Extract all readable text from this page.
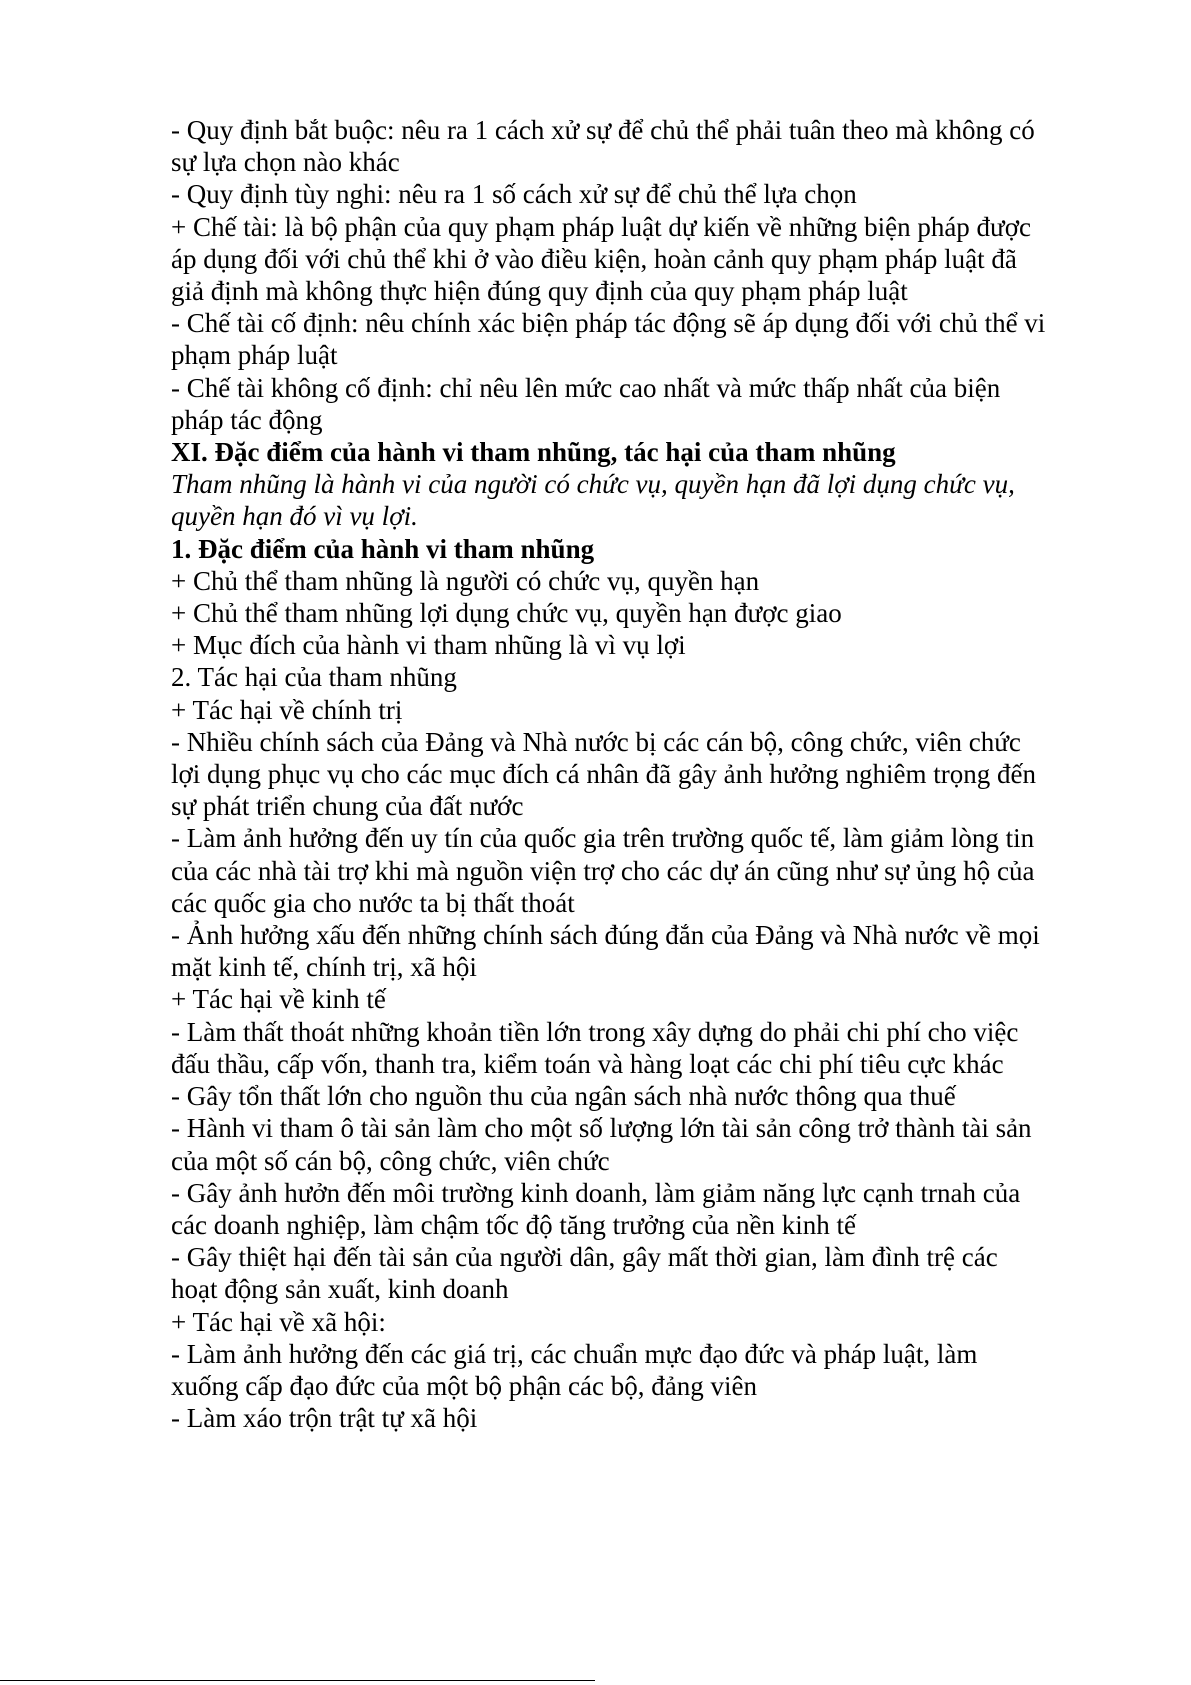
- Quy định bắt buộc: nêu ra 1 cách xử sự để chủ thể phải tuân theo mà không có

sự lựa chọn nào khác

- Quy định tùy nghi: nêu ra 1 số cách xử sự để chủ thể lựa chọn

+ Chế tài: là bộ phận của quy phạm pháp luật dự kiến về những biện pháp được

áp dụng đối với chủ thể khi ở vào điều kiện, hoàn cảnh quy phạm pháp luật đã

giả định mà không thực hiện đúng quy định của quy phạm pháp luật

- Chế tài cố định: nêu chính xác biện pháp tác động sẽ áp dụng đối với chủ thể vi

phạm pháp luật

- Chế tài không cố định: chỉ nêu lên mức cao nhất và mức thấp nhất của biện

pháp tác động

XI. Đặc điểm của hành vi tham nhũng, tác hại của tham nhũng

Tham nhũng là hành vi của người có chức vụ, quyền hạn đã lợi dụng chức vụ,

quyền hạn đó vì vụ lợi.

1. Đặc điểm của hành vi tham nhũng

+ Chủ thể tham nhũng là người có chức vụ, quyền hạn

+ Chủ thể tham nhũng lợi dụng chức vụ, quyền hạn được giao

+ Mục đích của hành vi tham nhũng là vì vụ lợi

2. Tác hại của tham nhũng

+ Tác hại về chính trị

- Nhiều chính sách của Đảng và Nhà nước bị các cán bộ, công chức, viên chức

lợi dụng phục vụ cho các mục đích cá nhân đã gây ảnh hưởng nghiêm trọng đến

sự phát triển chung của đất nước

- Làm ảnh hưởng đến uy tín của quốc gia trên trường quốc tế, làm giảm lòng tin

của các nhà tài trợ khi mà nguồn viện trợ cho các dự án cũng như sự ủng hộ của

các quốc gia cho nước ta bị thất thoát

- Ảnh hưởng xấu đến những chính sách đúng đắn của Đảng và Nhà nước về mọi

mặt kinh tế, chính trị, xã hội

+ Tác hại về kinh tế

- Làm thất thoát những khoản tiền lớn trong xây dựng do phải chi phí cho việc

đấu thầu, cấp vốn, thanh tra, kiểm toán và hàng loạt các chi phí tiêu cực khác

- Gây tổn thất lớn cho nguồn thu của ngân sách nhà nước thông qua thuế

- Hành vi tham ô tài sản làm cho một số lượng lớn tài sản công trở thành tài sản

của một số cán bộ, công chức, viên chức

- Gây ảnh hưởn đến môi trường kinh doanh, làm giảm năng lực cạnh trnah của

các doanh nghiệp, làm chậm tốc độ tăng trưởng của nền kinh tế

- Gây thiệt hại đến tài sản của người dân, gây mất thời gian, làm đình trệ các

hoạt động sản xuất, kinh doanh

+ Tác hại về xã hội:

- Làm ảnh hưởng đến các giá trị, các chuẩn mực đạo đức và pháp luật, làm

xuống cấp đạo đức của một bộ phận các bộ, đảng viên

- Làm xáo trộn trật tự xã hội
